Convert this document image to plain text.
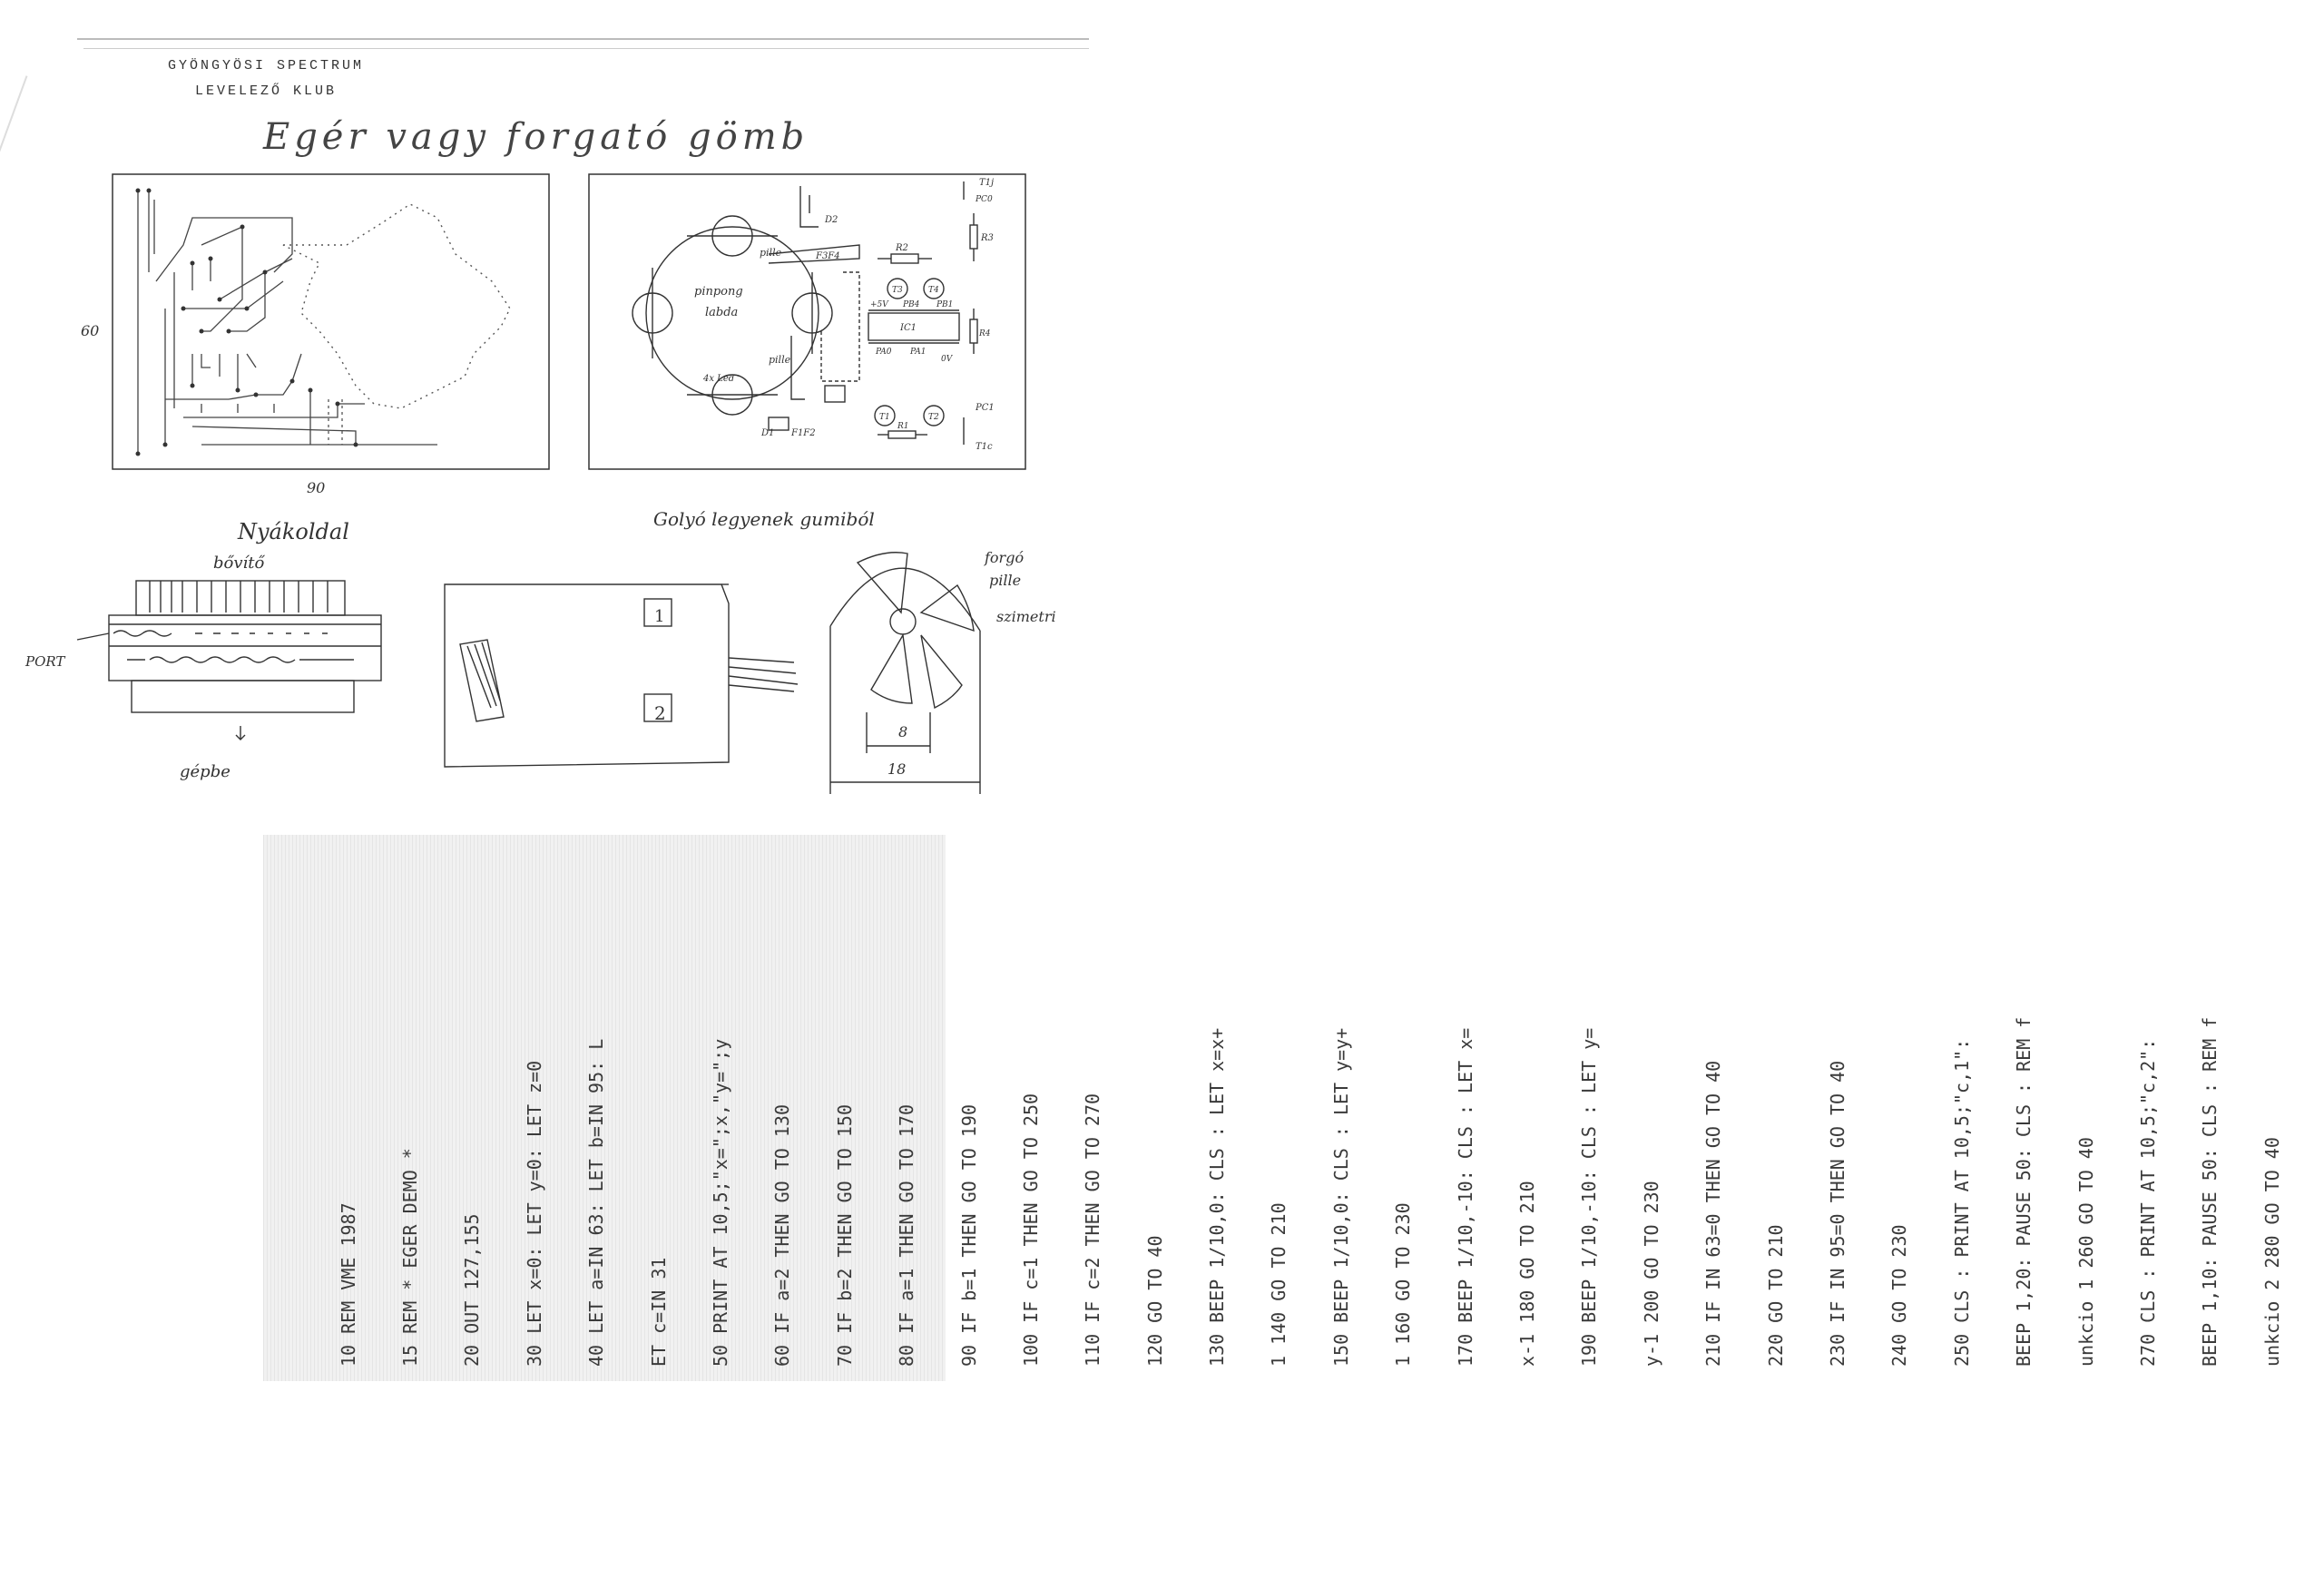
GYÖNGYÖSI SPECTRUM
LEVELEZŐ KLUB
Egér vagy forgató gömb
60
90
pinpong
labda
4x Led
pille
pille
D2
F3F4
R2
R3
T3	T4
+5V PB4 PB1
IC1
PA0 PA1
0V
T1	T2
R1
R4
PC1
T1c
D1 F1F2
T1j
PC0
Golyó legyenek gumiból
Nyákoldal
bővítő
PORT
gépbe
1
2
forgó
pille
szimetri
8
18

10 REM VME 1987

15 REM * EGER DEMO *

20 OUT 127,155

30 LET x=0: LET y=0: LET z=0

40 LET a=IN 63: LET b=IN 95: L

ET c=IN 31

50 PRINT AT 10,5;"x=";x,"y=";y

60 IF a=2 THEN GO TO 130

70 IF b=2 THEN GO TO 150

80 IF a=1 THEN GO TO 170

90 IF b=1 THEN GO TO 190

100 IF c=1 THEN GO TO 250

110 IF c=2 THEN GO TO 270

120 GO TO 40

130 BEEP 1/10,0: CLS : LET x=x+

1 140 GO TO 210

150 BEEP 1/10,0: CLS : LET y=y+

1 160 GO TO 230

170 BEEP 1/10,-10: CLS : LET x=

x-1 180 GO TO 210

190 BEEP 1/10,-10: CLS : LET y=

y-1 200 GO TO 230

210 IF IN 63=0 THEN GO TO 40

220 GO TO 210

230 IF IN 95=0 THEN GO TO 40

240 GO TO 230

250 CLS : PRINT AT 10,5;"c,1":

BEEP 1,20: PAUSE 50: CLS : REM f

unkcio 1 260 GO TO 40

270 CLS : PRINT AT 10,5;"c,2":

BEEP 1,10: PAUSE 50: CLS : REM f

unkcio 2 280 GO TO 40
